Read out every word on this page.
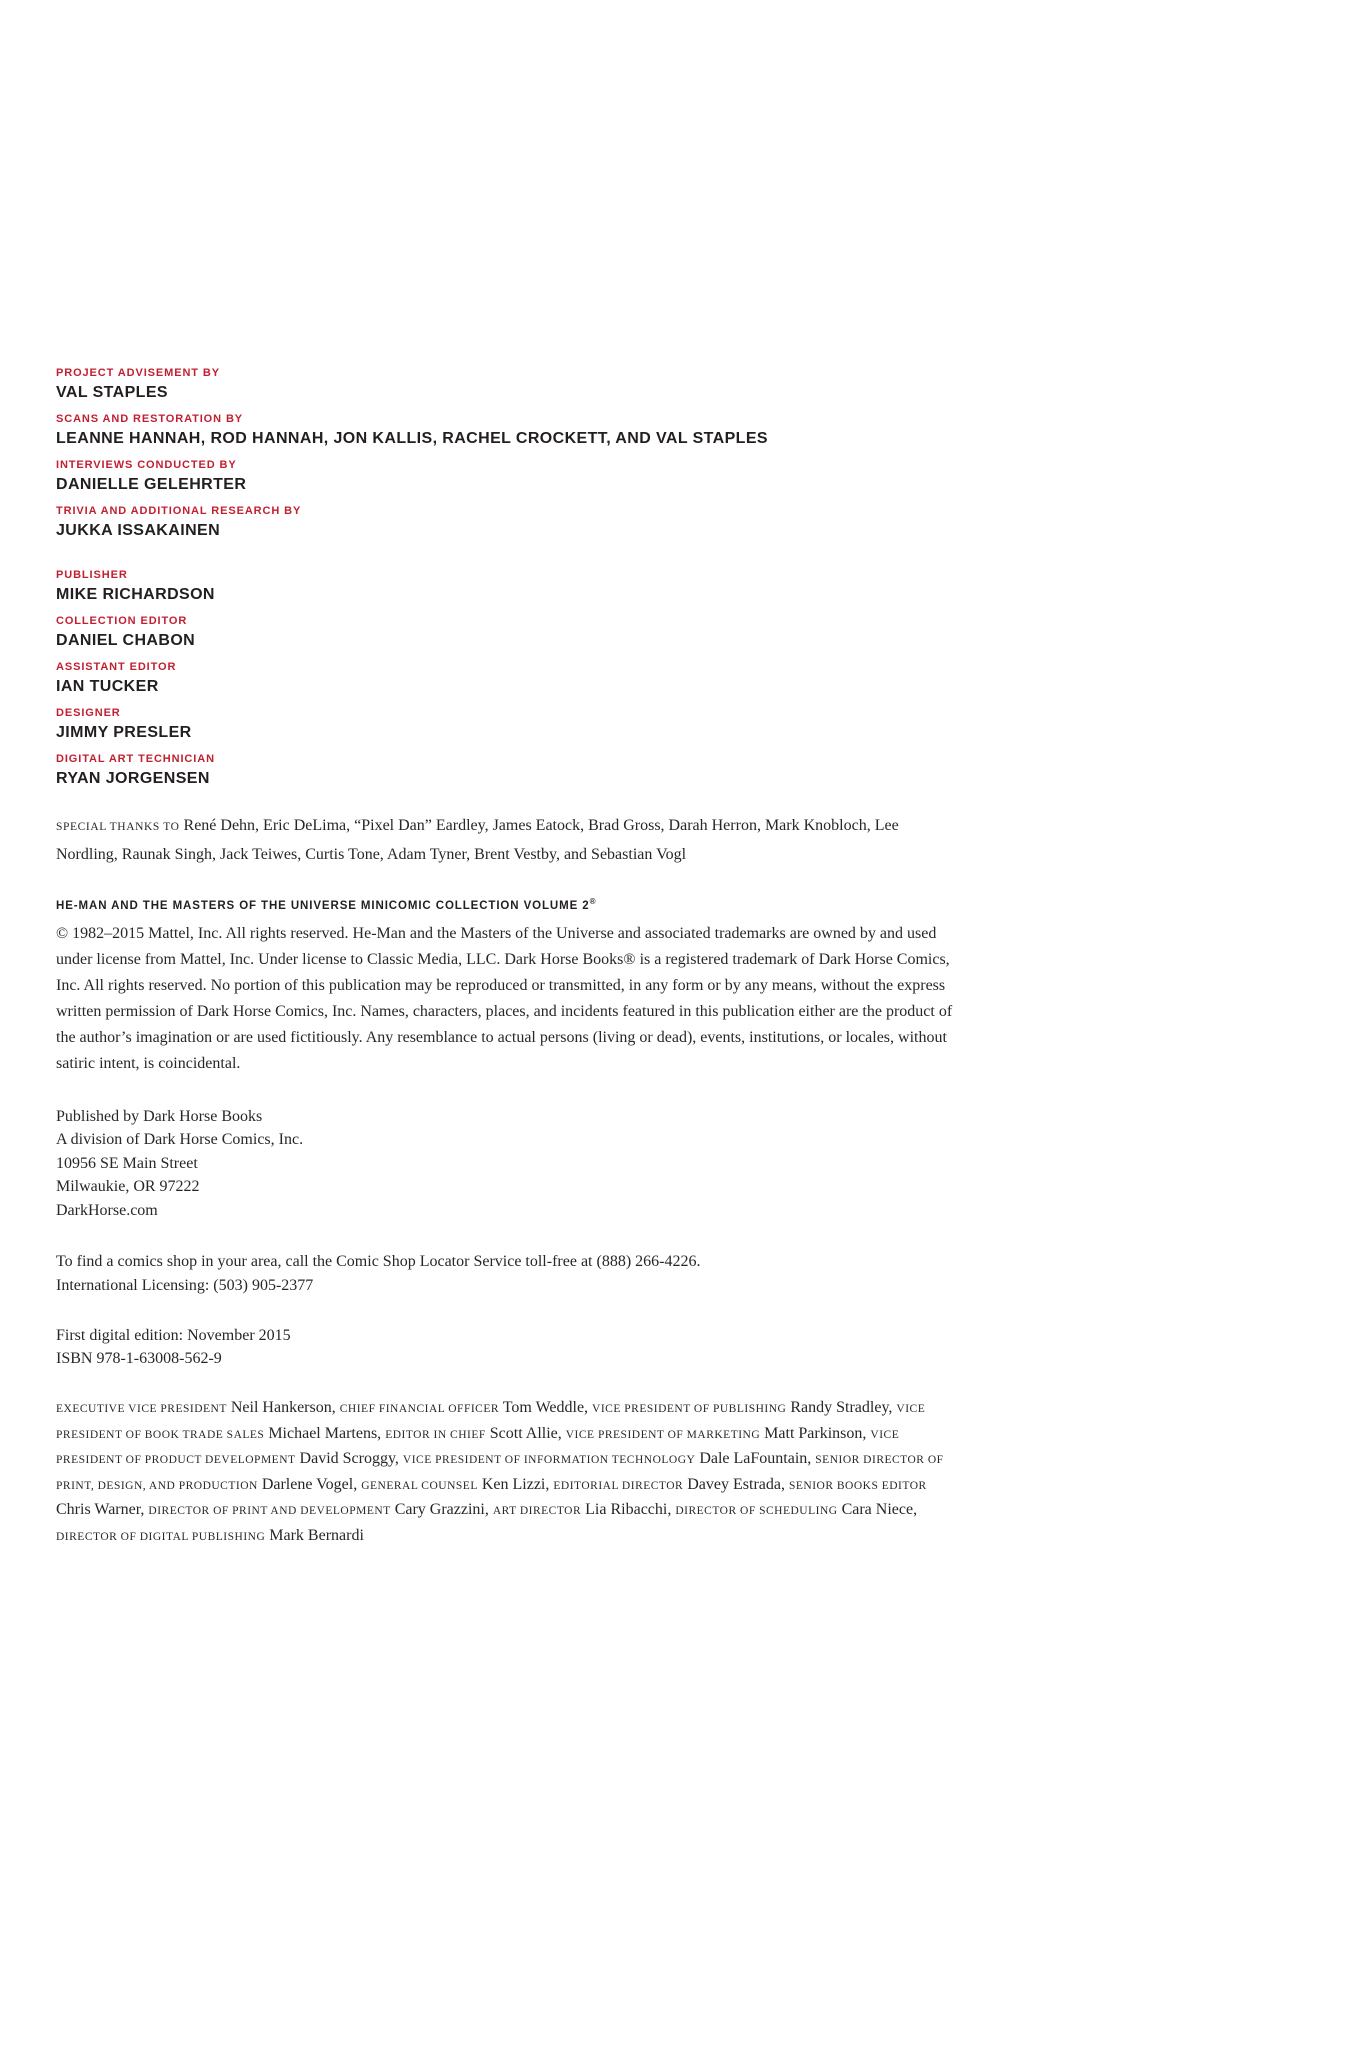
PROJECT ADVISEMENT BY
VAL STAPLES
SCANS AND RESTORATION BY
LEANNE HANNAH, ROD HANNAH, JON KALLIS, RACHEL CROCKETT, AND VAL STAPLES
INTERVIEWS CONDUCTED BY
DANIELLE GELEHRTER
TRIVIA AND ADDITIONAL RESEARCH BY
JUKKA ISSAKAINEN
PUBLISHER
MIKE RICHARDSON
COLLECTION EDITOR
DANIEL CHABON
ASSISTANT EDITOR
IAN TUCKER
DESIGNER
JIMMY PRESLER
DIGITAL ART TECHNICIAN
RYAN JORGENSEN
SPECIAL THANKS TO René Dehn, Eric DeLima, “Pixel Dan” Eardley, James Eatock, Brad Gross, Darah Herron, Mark Knobloch, Lee Nordling, Raunak Singh, Jack Teiwes, Curtis Tone, Adam Tyner, Brent Vestby, and Sebastian Vogl
HE-MAN AND THE MASTERS OF THE UNIVERSE MINICOMIC COLLECTION VOLUME 2®
© 1982–2015 Mattel, Inc. All rights reserved. He-Man and the Masters of the Universe and associated trademarks are owned by and used under license from Mattel, Inc. Under license to Classic Media, LLC. Dark Horse Books® is a registered trademark of Dark Horse Comics, Inc. All rights reserved. No portion of this publication may be reproduced or transmitted, in any form or by any means, without the express written permission of Dark Horse Comics, Inc. Names, characters, places, and incidents featured in this publication either are the product of the author’s imagination or are used fictitiously. Any resemblance to actual persons (living or dead), events, institutions, or locales, without satiric intent, is coincidental.
Published by Dark Horse Books
A division of Dark Horse Comics, Inc.
10956 SE Main Street
Milwaukie, OR 97222
DarkHorse.com
To find a comics shop in your area, call the Comic Shop Locator Service toll-free at (888) 266-4226.
International Licensing: (503) 905-2377
First digital edition: November 2015
ISBN 978-1-63008-562-9
EXECUTIVE VICE PRESIDENT Neil Hankerson, CHIEF FINANCIAL OFFICER Tom Weddle, VICE PRESIDENT OF PUBLISHING Randy Stradley, VICE PRESIDENT OF BOOK TRADE SALES Michael Martens, EDITOR IN CHIEF Scott Allie, VICE PRESIDENT OF MARKETING Matt Parkinson, VICE PRESIDENT OF PRODUCT DEVELOPMENT David Scroggy, VICE PRESIDENT OF INFORMATION TECHNOLOGY Dale LaFountain, SENIOR DIRECTOR OF PRINT, DESIGN, AND PRODUCTION Darlene Vogel, GENERAL COUNSEL Ken Lizzi, EDITORIAL DIRECTOR Davey Estrada, SENIOR BOOKS EDITOR Chris Warner, DIRECTOR OF PRINT AND DEVELOPMENT Cary Grazzini, ART DIRECTOR Lia Ribacchi, DIRECTOR OF SCHEDULING Cara Niece, DIRECTOR OF DIGITAL PUBLISHING Mark Bernardi
